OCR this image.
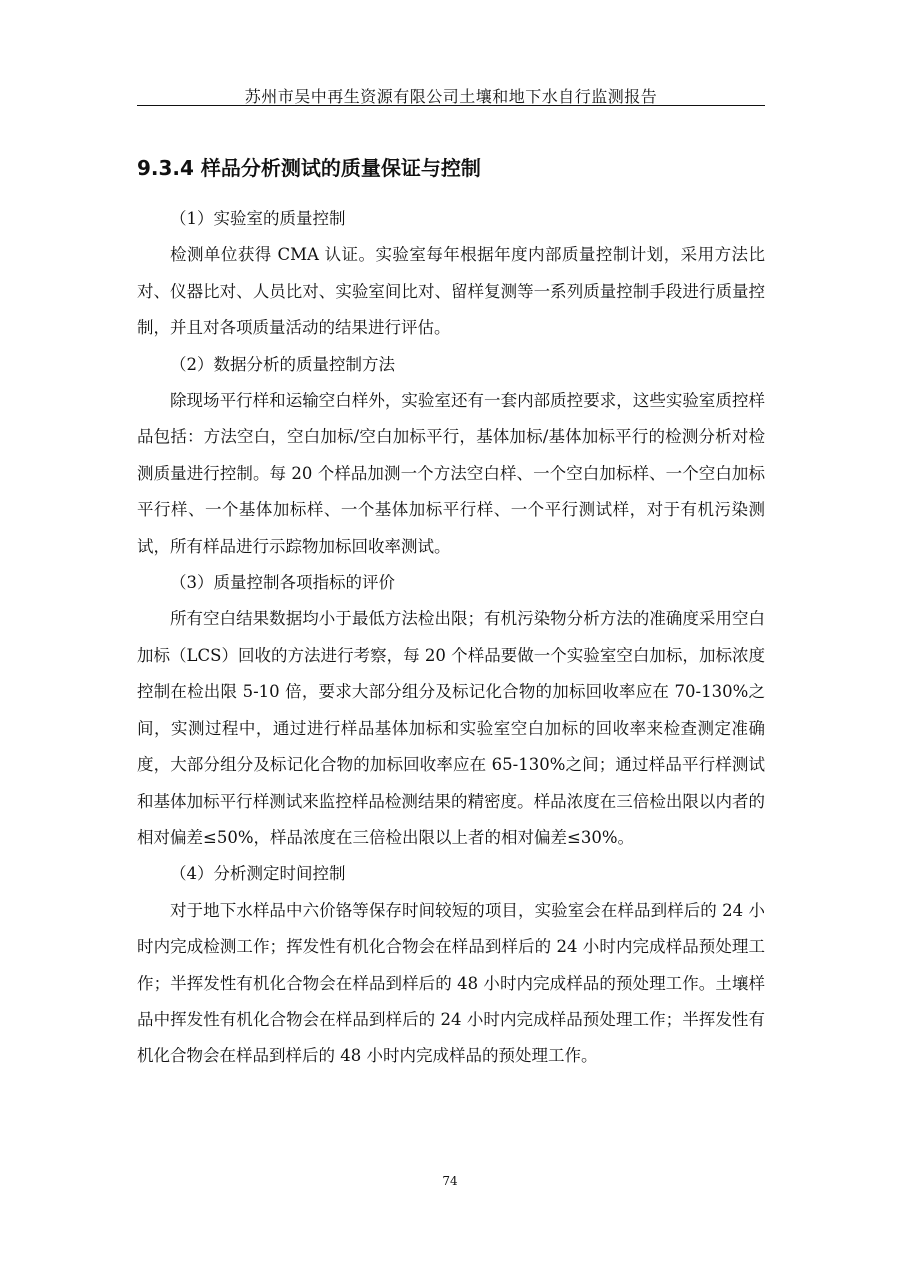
苏州市吴中再生资源有限公司土壤和地下水自行监测报告
9.3.4 样品分析测试的质量保证与控制

（1）实验室的质量控制

检测单位获得 CMA 认证。实验室每年根据年度内部质量控制计划，采用方法比对、仪器比对、人员比对、实验室间比对、留样复测等一系列质量控制手段进行质量控制，并且对各项质量活动的结果进行评估。

（2）数据分析的质量控制方法

除现场平行样和运输空白样外，实验室还有一套内部质控要求，这些实验室质控样品包括：方法空白，空白加标/空白加标平行，基体加标/基体加标平行的检测分析对检测质量进行控制。每 20 个样品加测一个方法空白样、一个空白加标样、一个空白加标平行样、一个基体加标样、一个基体加标平行样、一个平行测试样，对于有机污染测试，所有样品进行示踪物加标回收率测试。

（3）质量控制各项指标的评价

所有空白结果数据均小于最低方法检出限；有机污染物分析方法的准确度采用空白加标（LCS）回收的方法进行考察，每 20 个样品要做一个实验室空白加标，加标浓度控制在检出限 5-10 倍，要求大部分组分及标记化合物的加标回收率应在 70-130%之间，实测过程中，通过进行样品基体加标和实验室空白加标的回收率来检查测定准确度，大部分组分及标记化合物的加标回收率应在 65-130%之间；通过样品平行样测试和基体加标平行样测试来监控样品检测结果的精密度。样品浓度在三倍检出限以内者的相对偏差≤50%，样品浓度在三倍检出限以上者的相对偏差≤30%。

（4）分析测定时间控制

对于地下水样品中六价铬等保存时间较短的项目，实验室会在样品到样后的 24 小时内完成检测工作；挥发性有机化合物会在样品到样后的 24 小时内完成样品预处理工作；半挥发性有机化合物会在样品到样后的 48 小时内完成样品的预处理工作。土壤样品中挥发性有机化合物会在样品到样后的 24 小时内完成样品预处理工作；半挥发性有机化合物会在样品到样后的 48 小时内完成样品的预处理工作。

74
